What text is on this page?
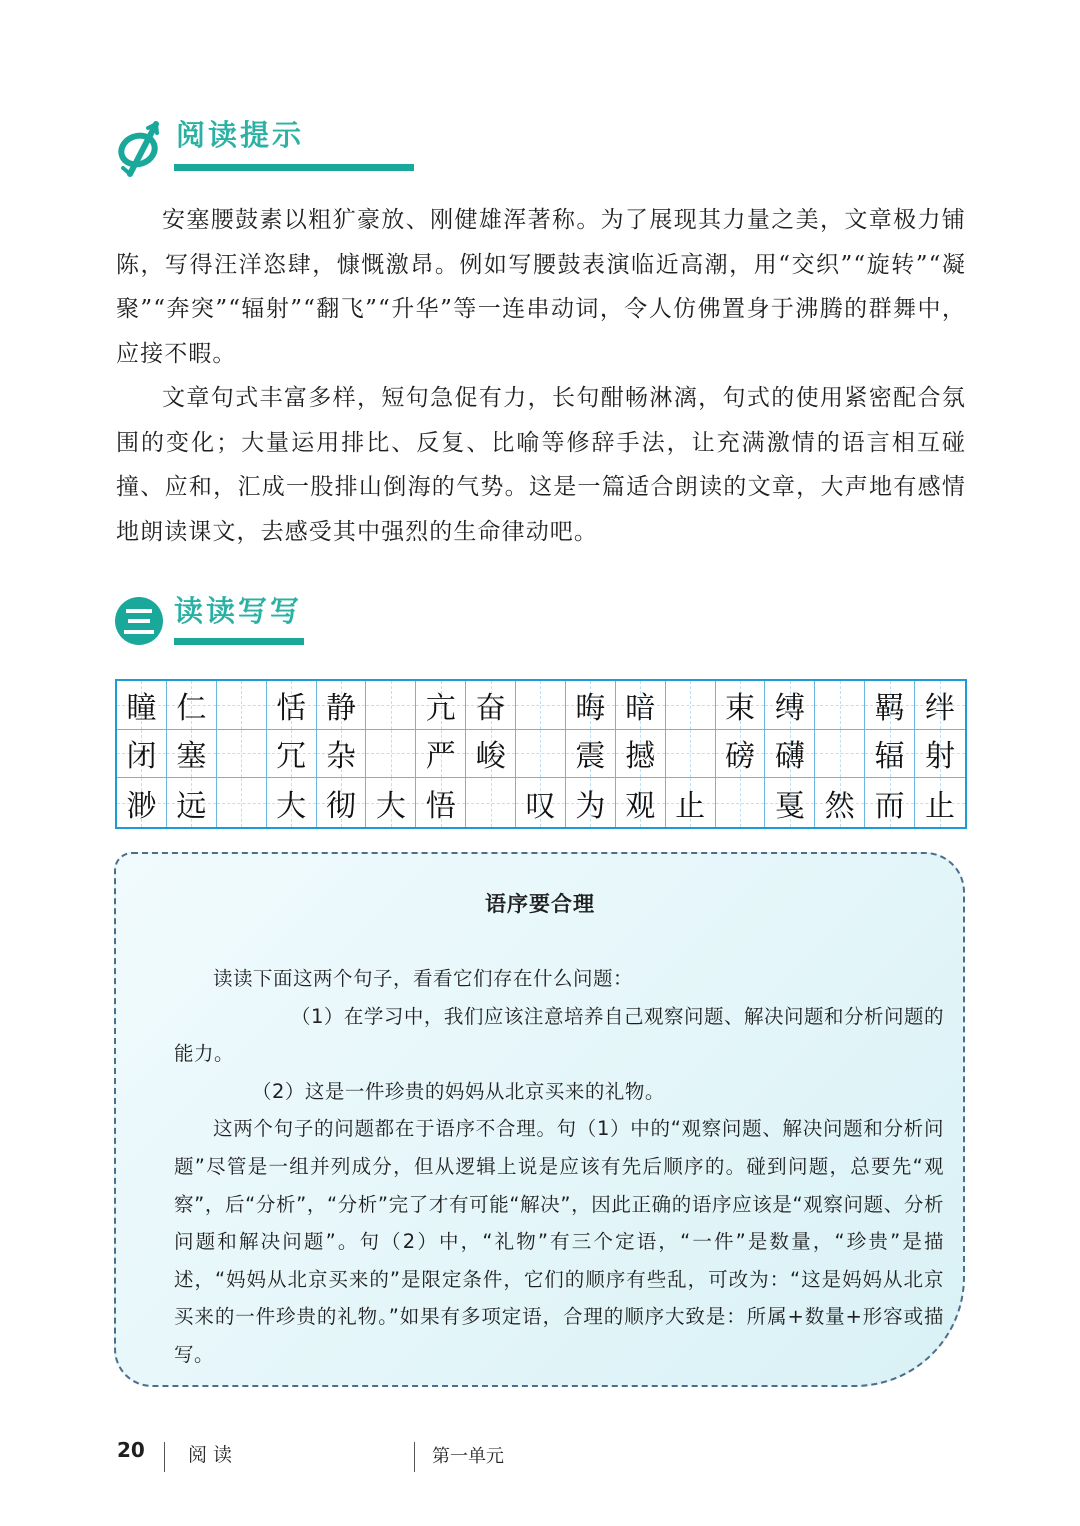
阅读提示

安塞腰鼓素以粗犷豪放、刚健雄浑著称。为了展现其力量之美，文章极力铺陈，写得汪洋恣肆，慷慨激昂。例如写腰鼓表演临近高潮，用“交织”“旋转”“凝聚”“奔突”“辐射”“翻飞”“升华”等一连串动词，令人仿佛置身于沸腾的群舞中，应接不暇。

文章句式丰富多样，短句急促有力，长句酣畅淋漓，句式的使用紧密配合氛围的变化；大量运用排比、反复、比喻等修辞手法，让充满激情的语言相互碰撞、应和，汇成一股排山倒海的气势。这是一篇适合朗读的文章，大声地有感情地朗读课文，去感受其中强烈的生命律动吧。

读读写写
瞳 仁 恬 静 亢 奋 晦 暗 束 缚 羁 绊
闭 塞 冗 杂 严 峻 震 撼 磅 礴 辐 射
渺 远 大 彻 大 悟 叹 为 观 止 戛 然 而 止
语序要合理

读读下面这两个句子，看看它们存在什么问题：

（1）在学习中，我们应该注意培养自己观察问题、解决问题和分析问题的能力。

（2）这是一件珍贵的妈妈从北京买来的礼物。

这两个句子的问题都在于语序不合理。句（1）中的“观察问题、解决问题和分析问题”尽管是一组并列成分，但从逻辑上说是应该有先后顺序的。碰到问题，总要先“观察”，后“分析”，“分析”完了才有可能“解决”，因此正确的语序应该是“观察问题、分析问题和解决问题”。句（2）中，“礼物”有三个定语，“一件”是数量，“珍贵”是描述，“妈妈从北京买来的”是限定条件，它们的顺序有些乱，可改为：“这是妈妈从北京买来的一件珍贵的礼物。”如果有多项定语，合理的顺序大致是：所属+数量+形容或描写。

20 阅读	第一单元
